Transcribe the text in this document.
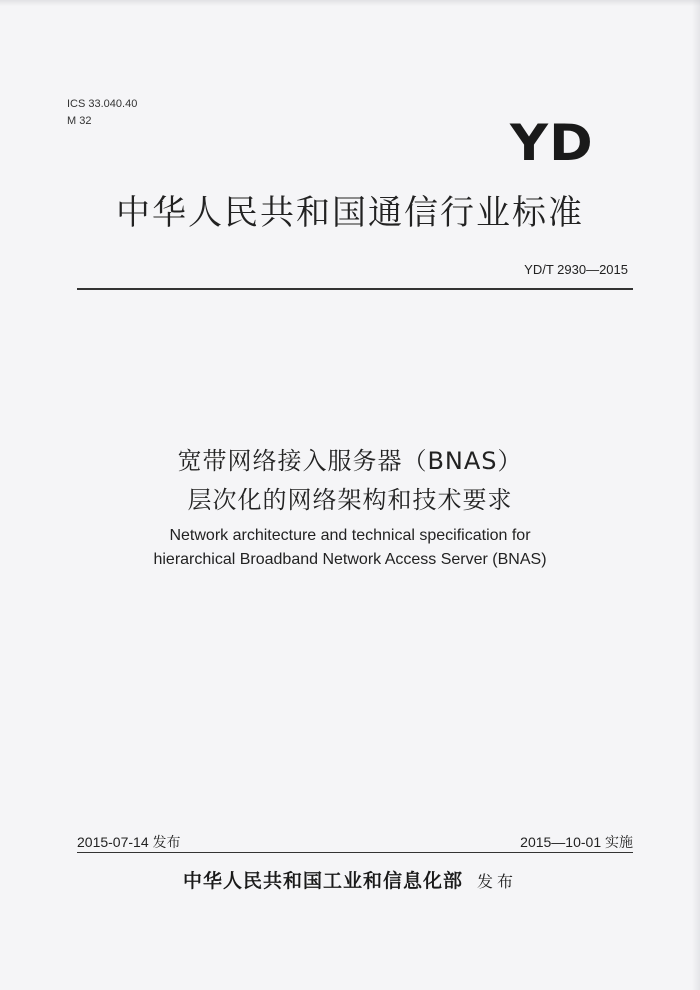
ICS 33.040.40
M 32	YD
中华人民共和国通信行业标准
YD/T 2930—2015
宽带网络接入服务器（BNAS）
层次化的网络架构和技术要求
Network architecture and technical specification for
hierarchical Broadband Network Access Server (BNAS)
2015-07-14 发布	2015—10-01 实施
中华人民共和国工业和信息化部 发布
